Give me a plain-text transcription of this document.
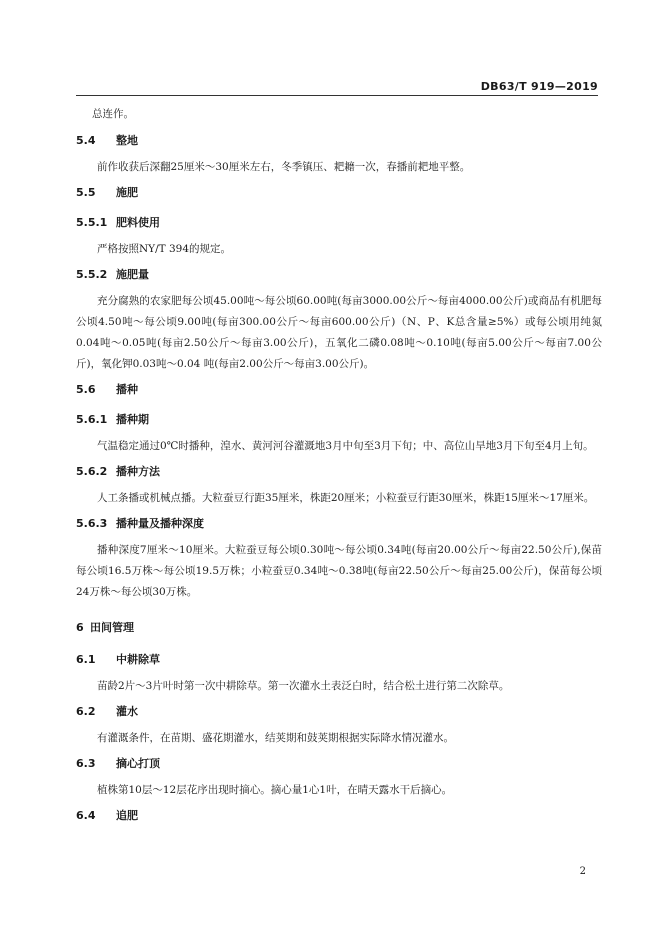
DB63/T 919—2019
总连作。
5.4 整地
前作收获后深翻25厘米～30厘米左右，冬季镇压、耙耱一次，春播前耙地平整。
5.5 施肥
5.5.1 肥料使用
严格按照NY/T 394的规定。
5.5.2 施肥量
充分腐熟的农家肥每公顷45.00吨～每公顷60.00吨(每亩3000.00公斤～每亩4000.00公斤)或商品有机肥每公顷4.50吨～每公顷9.00吨(每亩300.00公斤～每亩600.00公斤)（N、P、K总含量≥5%）或每公顷用纯氮0.04吨～0.05吨(每亩2.50公斤～每亩3.00公斤)，五氧化二磷0.08吨～0.10吨(每亩5.00公斤～每亩7.00公斤)，氧化钾0.03吨～0.04 吨(每亩2.00公斤～每亩3.00公斤)。
5.6 播种
5.6.1 播种期
气温稳定通过0℃时播种，湟水、黄河河谷灌溉地3月中旬至3月下旬；中、高位山旱地3月下旬至4月上旬。
5.6.2 播种方法
人工条播或机械点播。大粒蚕豆行距35厘米，株距20厘米；小粒蚕豆行距30厘米，株距15厘米～17厘米。
5.6.3 播种量及播种深度
播种深度7厘米～10厘米。大粒蚕豆每公顷0.30吨～每公顷0.34吨(每亩20.00公斤～每亩22.50公斤),保苗每公顷16.5万株～每公顷19.5万株；小粒蚕豆0.34吨～0.38吨(每亩22.50公斤～每亩25.00公斤)，保苗每公顷24万株～每公顷30万株。
6 田间管理
6.1 中耕除草
苗龄2片～3片叶时第一次中耕除草。第一次灌水土表泛白时，结合松土进行第二次除草。
6.2 灌水
有灌溉条件，在苗期、盛花期灌水，结荚期和鼓荚期根据实际降水情况灌水。
6.3 摘心打顶
植株第10层～12层花序出现时摘心。摘心量1心1叶，在晴天露水干后摘心。
6.4 追肥
2
